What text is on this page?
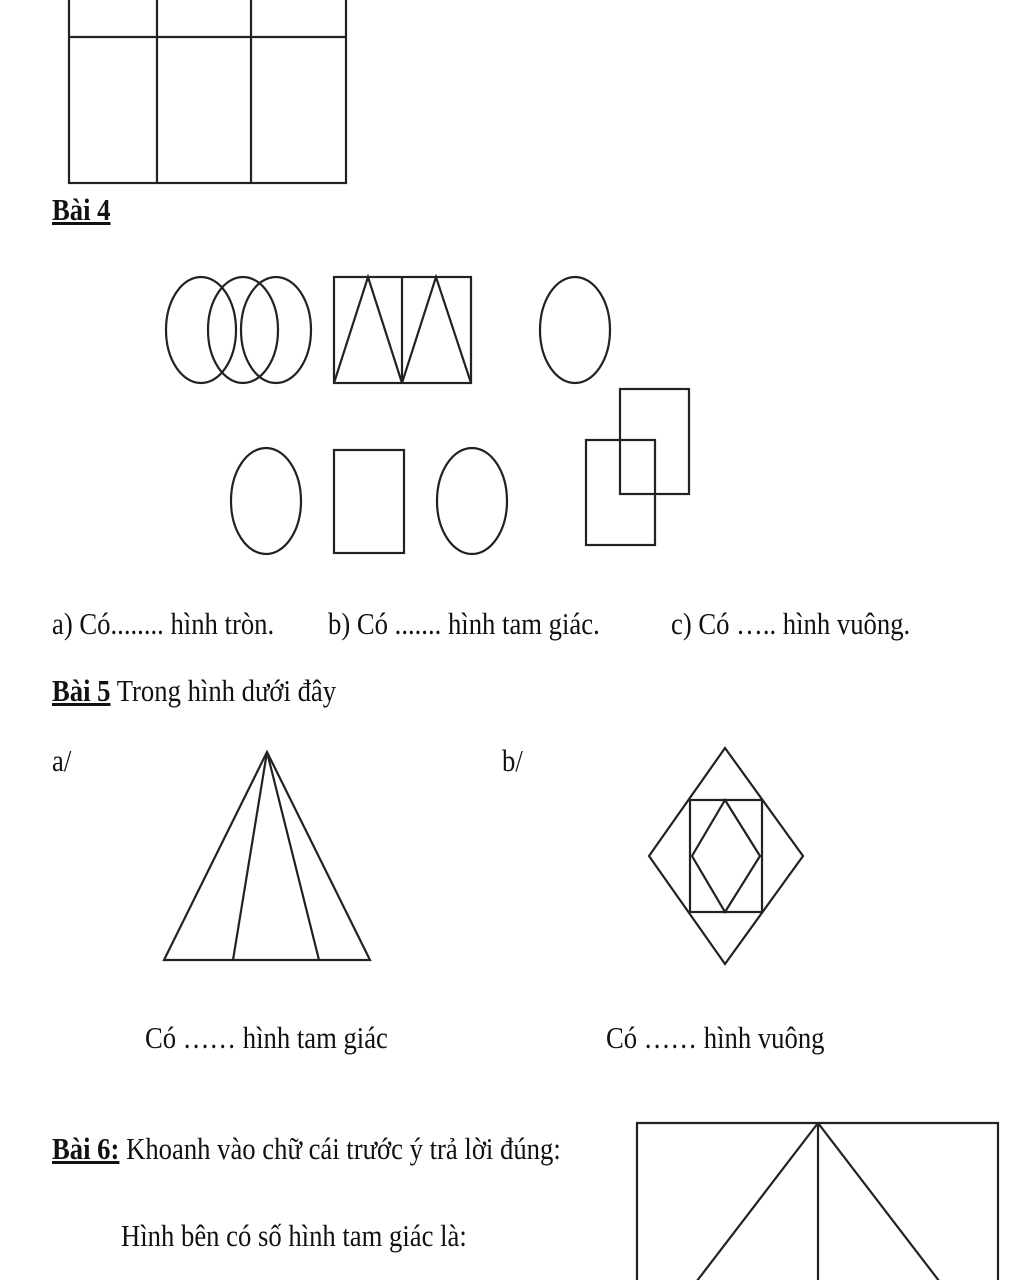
Bài 4
a) Có........ hình tròn. b) Có ....... hình tam giác. c) Có ….. hình vuông.
Bài 5 Trong hình dưới đây
a/	b/
Có …… hình tam giác	Có …… hình vuông
Bài 6: Khoanh vào chữ cái trước ý trả lời đúng:
Hình bên có số hình tam giác là:
